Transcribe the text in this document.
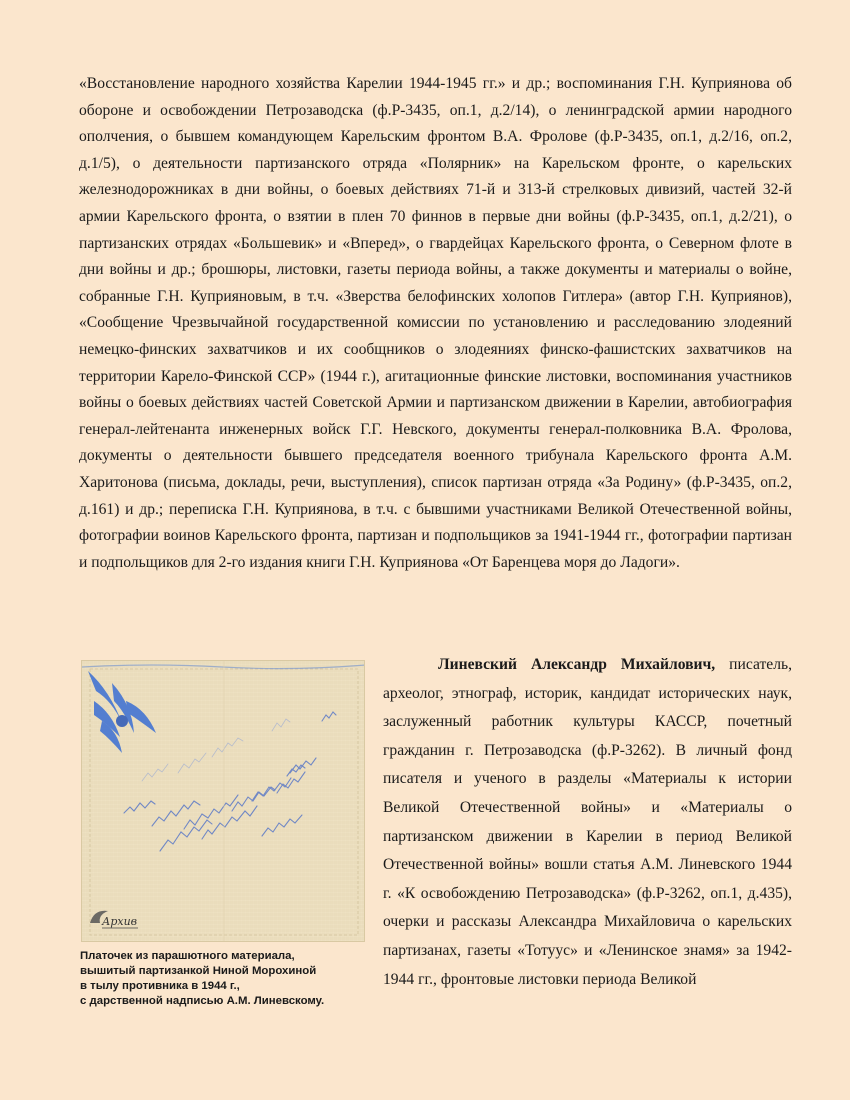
«Восстановление народного хозяйства Карелии 1944-1945 гг.» и др.; воспоминания Г.Н. Куприянова об обороне и освобождении Петрозаводска (ф.Р-3435, оп.1, д.2/14), о ленинградской армии народного ополчения, о бывшем командующем Карельским фронтом В.А. Фролове (ф.Р-3435, оп.1, д.2/16, оп.2, д.1/5), о деятельности партизанского отряда «Полярник» на Карельском фронте, о карельских железнодорожниках в дни войны, о боевых действиях 71-й и 313-й стрелковых дивизий, частей 32-й армии Карельского фронта, о взятии в плен 70 финнов в первые дни войны (ф.Р-3435, оп.1, д.2/21), о партизанских отрядах «Большевик» и «Вперед», о гвардейцах Карельского фронта, о Северном флоте в дни войны и др.; брошюры, листовки, газеты периода войны, а также документы и материалы о войне, собранные Г.Н. Куприяновым, в т.ч. «Зверства белофинских холопов Гитлера» (автор Г.Н. Куприянов), «Сообщение Чрезвычайной государственной комиссии по установлению и расследованию злодеяний немецко-финских захватчиков и их сообщников о злодеяниях финско-фашистских захватчиков на территории Карело-Финской ССР» (1944 г.), агитационные финские листовки, воспоминания участников войны о боевых действиях частей Советской Армии и партизанском движении в Карелии, автобиография генерал-лейтенанта инженерных войск Г.Г. Невского, документы генерал-полковника В.А. Фролова, документы о деятельности бывшего председателя военного трибунала Карельского фронта А.М. Харитонова (письма, доклады, речи, выступления), список партизан отряда «За Родину» (ф.Р-3435, оп.2, д.161) и др.; переписка Г.Н. Куприянова, в т.ч. с бывшими участниками Великой Отечественной войны, фотографии воинов Карельского фронта, партизан и подпольщиков за 1941-1944 гг., фотографии партизан и подпольщиков для 2-го издания книги Г.Н. Куприянова «От Баренцева моря до Ладоги».

Архив

Платочек из парашютного материала,
вышитый партизанкой Ниной Морохиной
в тылу противника в 1944 г.,
с дарственной надписью А.М. Линевскому.

Линевский Александр Михайлович, писатель, археолог, этнограф, историк, кандидат исторических наук, заслуженный работник культуры КАССР, почетный гражданин г. Петрозаводска (ф.Р-3262). В личный фонд писателя и ученого в разделы «Материалы к истории Великой Отечественной войны» и «Материалы о партизанском движении в Карелии в период Великой Отечественной войны» вошли статья А.М. Линевского 1944 г. «К освобождению Петрозаводска» (ф.Р-3262, оп.1, д.435), очерки и рассказы Александра Михайловича о карельских партизанах, газеты «Тотуус» и «Ленинское знамя» за 1942-1944 гг., фронтовые листовки периода Великой
